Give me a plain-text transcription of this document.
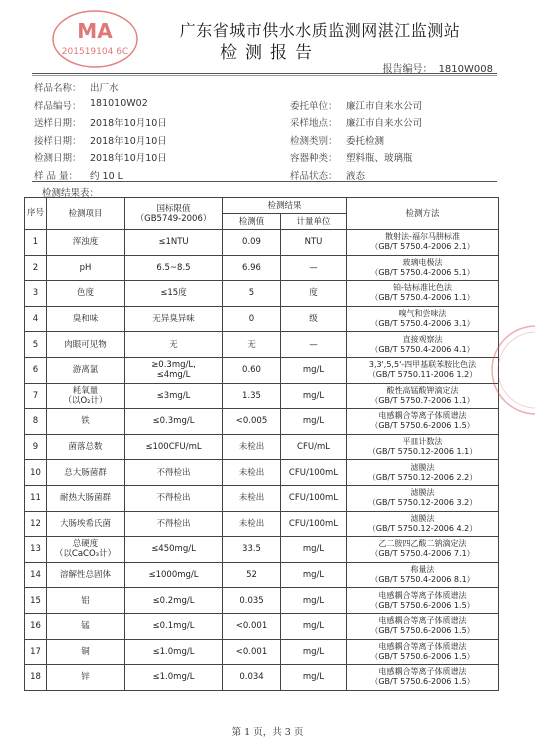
MA
201519104 6C
广东省城市供水水质监测网湛江监测站
检测报告
报告编号： 1810W008
样品名称： 出厂水
样品编号： 181010W02	委托单位： 廉江市自来水公司
送样日期： 2018年10月10日	采样地点： 廉江市自来水公司
接样日期： 2018年10月10日	检测类别： 委托检测
检测日期： 2018年10月10日	容器种类： 塑料瓶、玻璃瓶
样 品 量：	约 10 L	样品状态： 液态
检测结果表：
序号	检测项目	国标限值
（GB5749-2006）	检测结果		检测方法
			检测值	计量单位	
1	浑浊度	≤1NTU	0.09	NTU	散射法-福尔马肼标准
（GB/T 5750.4-2006 2.1）
2	pH	6.5~8.5	6.96	—	玻璃电极法
（GB/T 5750.4-2006 5.1）
3	色度	≤15度	5	度	铂-钴标准比色法
（GB/T 5750.4-2006 1.1）
4	臭和味	无异臭异味	0	级	嗅气和尝味法
（GB/T 5750.4-2006 3.1）
5	肉眼可见物	无	无	—	直接观察法
（GB/T 5750.4-2006 4.1）
6	游离氯	≥0.3mg/L,
≤4mg/L	0.60	mg/L	3,3',5,5'-四甲基联苯胺比色法
（GB/T 5750.11-2006 1.2）
7	耗氧量
（以O₂计）	≤3mg/L	1.35	mg/L	酸性高锰酸钾滴定法
（GB/T 5750.7-2006 1.1）
8	铁	≤0.3mg/L	<0.005	mg/L	电感耦合等离子体质谱法
（GB/T 5750.6-2006 1.5）
9	菌落总数	≤100CFU/mL	未检出	CFU/mL	平皿计数法
（GB/T 5750.12-2006 1.1）
10	总大肠菌群	不得检出	未检出	CFU/100mL	滤膜法
（GB/T 5750.12-2006 2.2）
11	耐热大肠菌群	不得检出	未检出	CFU/100mL	滤膜法
（GB/T 5750.12-2006 3.2）
12	大肠埃希氏菌	不得检出	未检出	CFU/100mL	滤膜法
（GB/T 5750.12-2006 4.2）
13	总硬度
（以CaCO₃计）	≤450mg/L	33.5	mg/L	乙二胺四乙酸二钠滴定法
（GB/T 5750.4-2006 7.1）
14	溶解性总固体	≤1000mg/L	52	mg/L	称量法
（GB/T 5750.4-2006 8.1）
15	铝	≤0.2mg/L	0.035	mg/L	电感耦合等离子体质谱法
（GB/T 5750.6-2006 1.5）
16	锰	≤0.1mg/L	<0.001	mg/L	电感耦合等离子体质谱法
（GB/T 5750.6-2006 1.5）
17	铜	≤1.0mg/L	<0.001	mg/L	电感耦合等离子体质谱法
（GB/T 5750.6-2006 1.5）
18	锌	≤1.0mg/L	0.034	mg/L	电感耦合等离子体质谱法
（GB/T 5750.6-2006 1.5）
第 1 页，共 3 页
